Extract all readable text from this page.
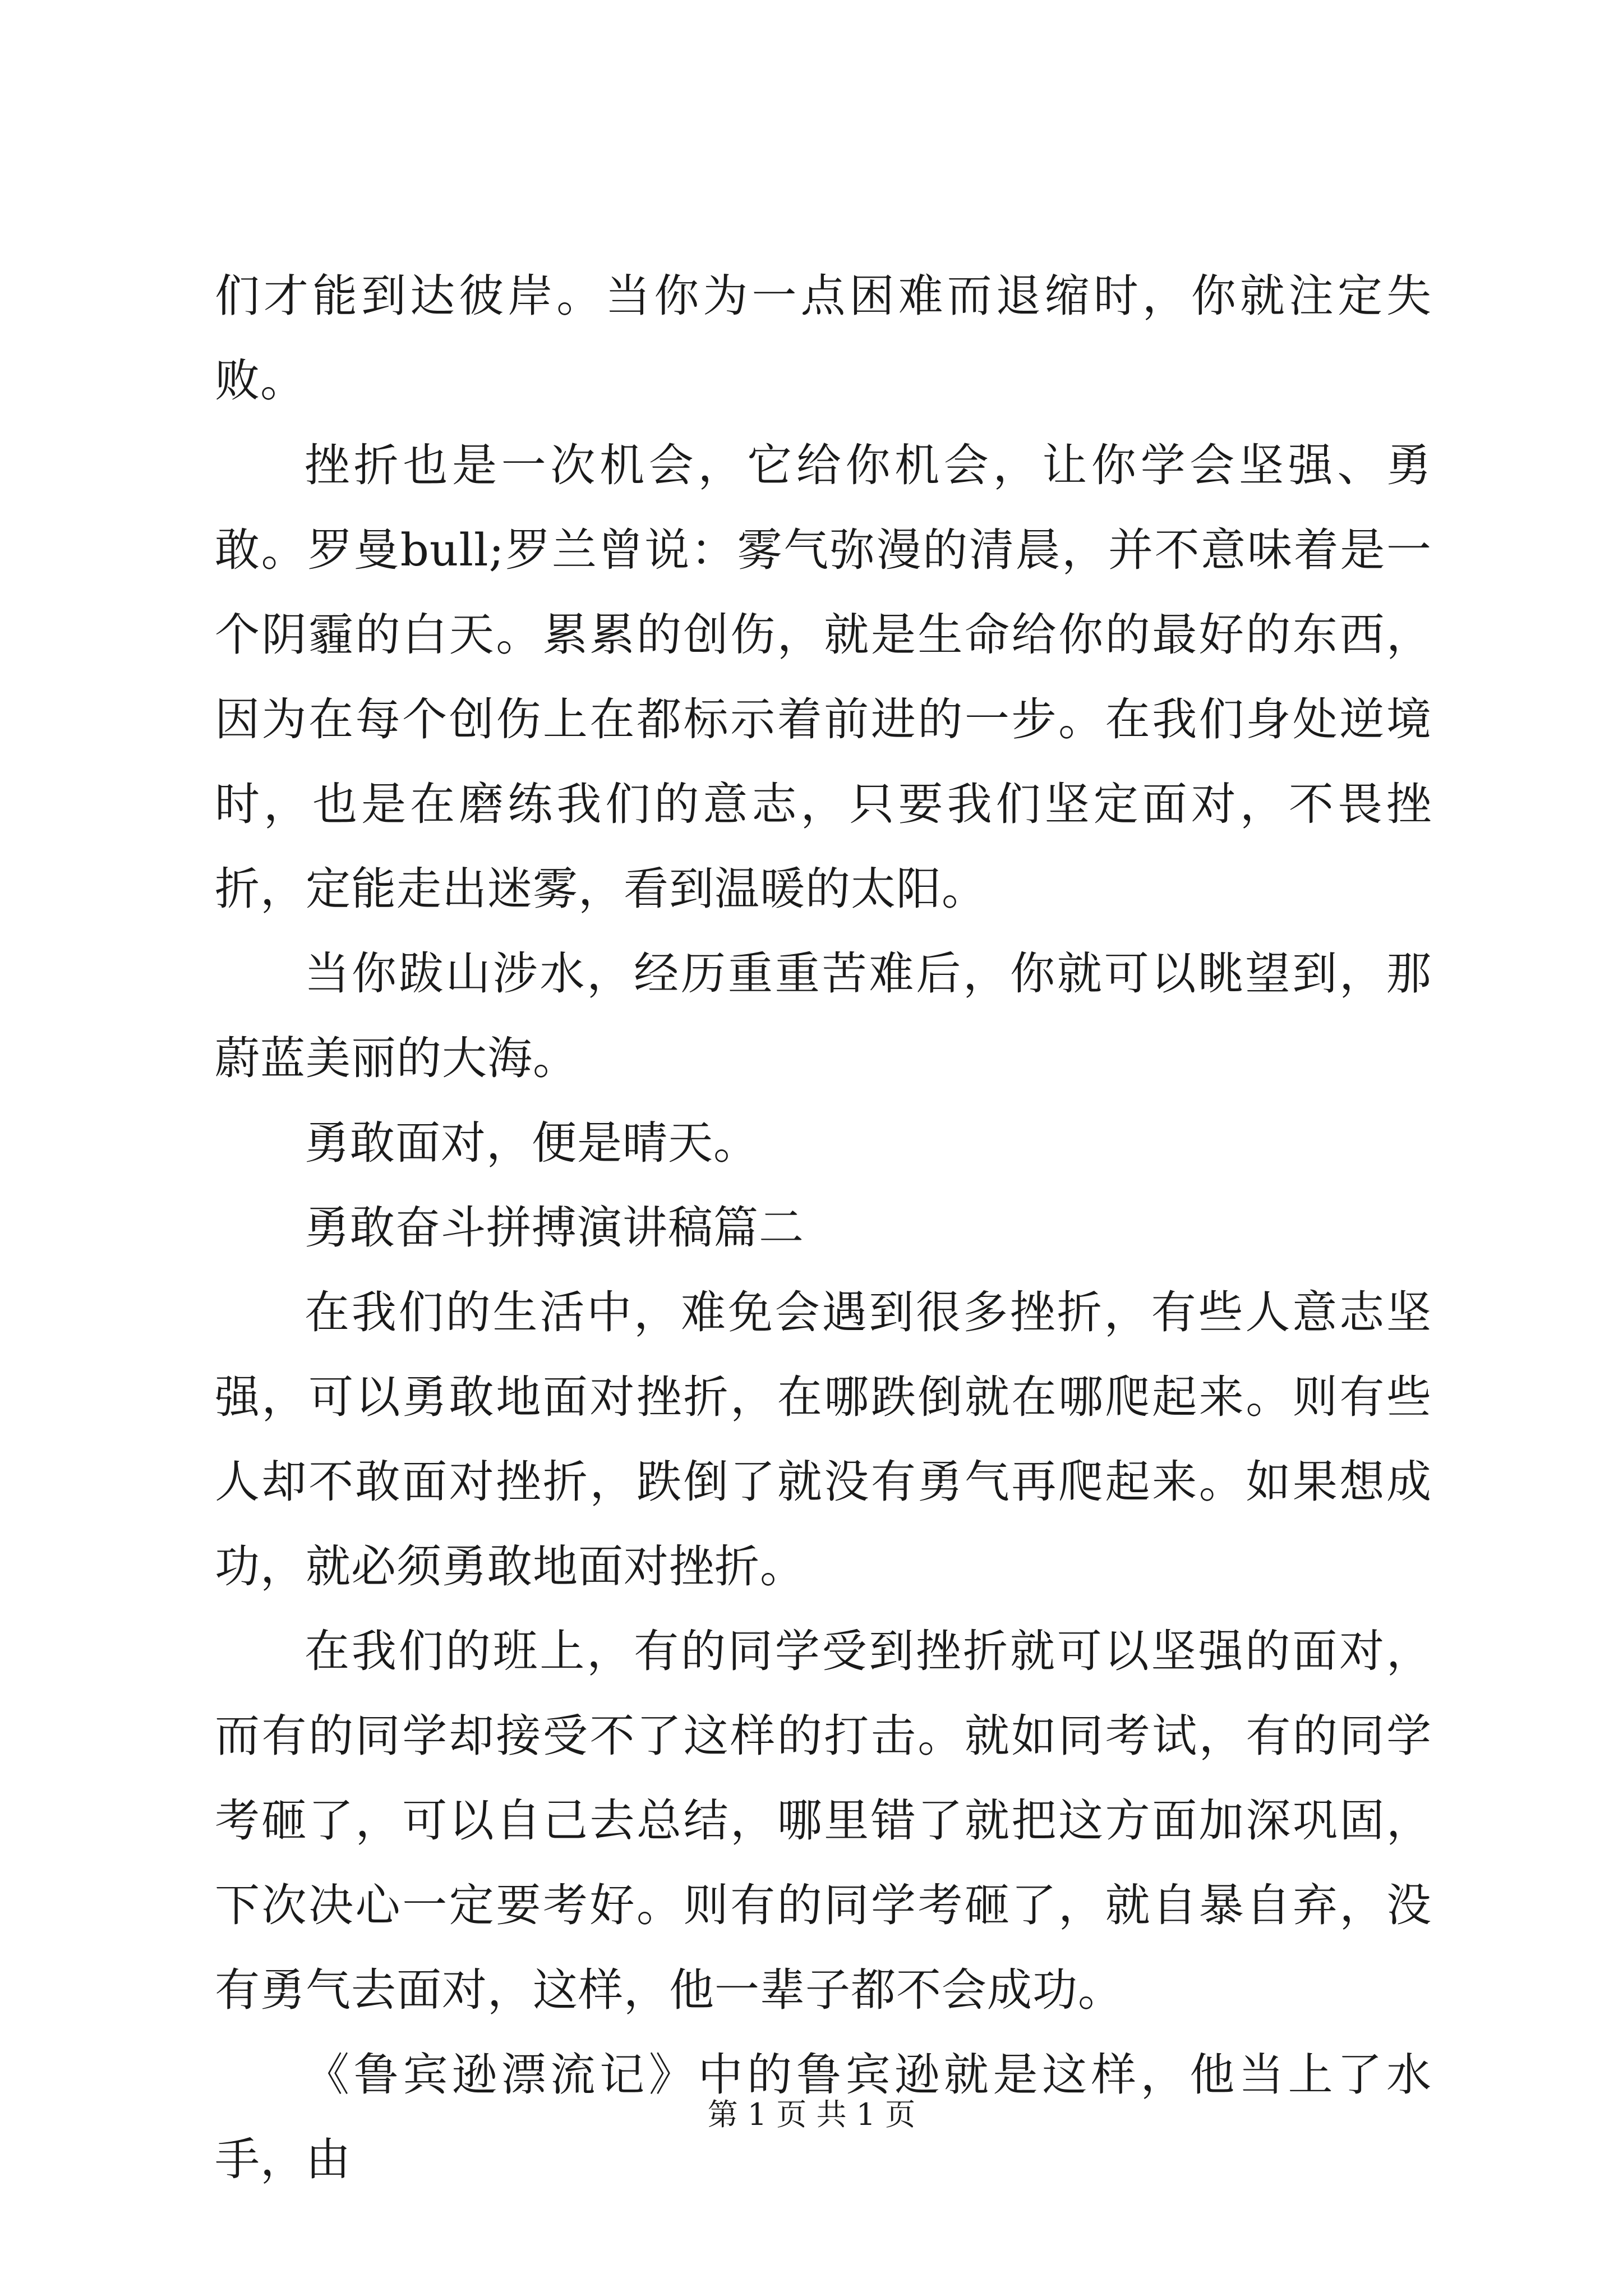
们才能到达彼岸。当你为一点困难而退缩时，你就注定失败。

挫折也是一次机会，它给你机会，让你学会坚强、勇敢。罗曼bull;罗兰曾说：雾气弥漫的清晨，并不意味着是一个阴霾的白天。累累的创伤，就是生命给你的最好的东西，因为在每个创伤上在都标示着前进的一步。在我们身处逆境时，也是在磨练我们的意志，只要我们坚定面对，不畏挫折，定能走出迷雾，看到温暖的太阳。

当你跋山涉水，经历重重苦难后，你就可以眺望到，那蔚蓝美丽的大海。

勇敢面对，便是晴天。

勇敢奋斗拼搏演讲稿篇二

在我们的生活中，难免会遇到很多挫折，有些人意志坚强，可以勇敢地面对挫折，在哪跌倒就在哪爬起来。则有些人却不敢面对挫折，跌倒了就没有勇气再爬起来。如果想成功，就必须勇敢地面对挫折。

在我们的班上，有的同学受到挫折就可以坚强的面对，而有的同学却接受不了这样的打击。就如同考试，有的同学考砸了，可以自己去总结，哪里错了就把这方面加深巩固，下次决心一定要考好。则有的同学考砸了，就自暴自弃，没有勇气去面对，这样，他一辈子都不会成功。

《鲁宾逊漂流记》中的鲁宾逊就是这样，他当上了水手，由

第 1 页 共 1 页
